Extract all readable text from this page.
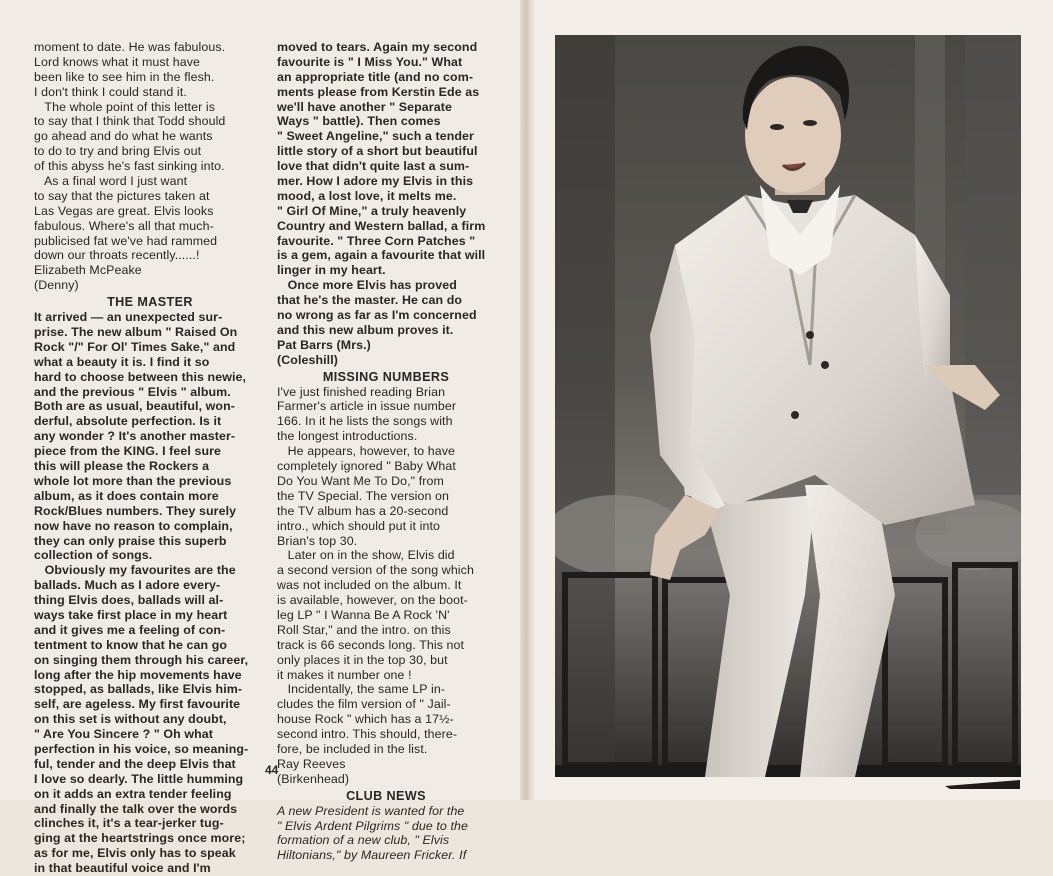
moment to date. He was fabulous.
Lord knows what it must have
been like to see him in the flesh.
I don't think I could stand it.
The whole point of this letter is
to say that I think that Todd should
go ahead and do what he wants
to do to try and bring Elvis out
of this abyss he's fast sinking into.
As a final word I just want
to say that the pictures taken at
Las Vegas are great. Elvis looks
fabulous. Where's all that much-
publicised fat we've had rammed
down our throats recently......!
Elizabeth McPeake
(Denny)
THE MASTER
It arrived — an unexpected sur-
prise. The new album " Raised On
Rock "/" For Ol' Times Sake," and
what a beauty it is. I find it so
hard to choose between this newie,
and the previous " Elvis " album.
Both are as usual, beautiful, won-
derful, absolute perfection. Is it
any wonder ? It's another master-
piece from the KING. I feel sure
this will please the Rockers a
whole lot more than the previous
album, as it does contain more
Rock/Blues numbers. They surely
now have no reason to complain,
they can only praise this superb
collection of songs.
Obviously my favourites are the
ballads. Much as I adore every-
thing Elvis does, ballads will al-
ways take first place in my heart
and it gives me a feeling of con-
tentment to know that he can go
on singing them through his career,
long after the hip movements have
stopped, as ballads, like Elvis him-
self, are ageless. My first favourite
on this set is without any doubt,
" Are You Sincere ? " Oh what
perfection in his voice, so meaning-
ful, tender and the deep Elvis that
I love so dearly. The little humming
on it adds an extra tender feeling
and finally the talk over the words
clinches it, it's a tear-jerker tug-
ging at the heartstrings once more;
as for me, Elvis only has to speak
in that beautiful voice and I'm
moved to tears. Again my second
favourite is " I Miss You." What
an appropriate title (and no com-
ments please from Kerstin Ede as
we'll have another " Separate
Ways " battle). Then comes
" Sweet Angeline," such a tender
little story of a short but beautiful
love that didn't quite last a sum-
mer. How I adore my Elvis in this
mood, a lost love, it melts me.
" Girl Of Mine," a truly heavenly
Country and Western ballad, a firm
favourite. " Three Corn Patches "
is a gem, again a favourite that will
linger in my heart.
Once more Elvis has proved
that he's the master. He can do
no wrong as far as I'm concerned
and this new album proves it.
Pat Barrs (Mrs.)
(Coleshill)
MISSING NUMBERS
I've just finished reading Brian
Farmer's article in issue number
166. In it he lists the songs with
the longest introductions.
He appears, however, to have
completely ignored " Baby What
Do You Want Me To Do," from
the TV Special. The version on
the TV album has a 20-second
intro., which should put it into
Brian's top 30.
Later on in the show, Elvis did
a second version of the song which
was not included on the album. It
is available, however, on the boot-
leg LP " I Wanna Be A Rock 'N'
Roll Star," and the intro. on this
track is 66 seconds long. This not
only places it in the top 30, but
it makes it number one !
Incidentally, the same LP in-
cludes the film version of " Jail-
house Rock " which has a 17½-
second intro. This should, there-
fore, be included in the list.
Ray Reeves
(Birkenhead)
CLUB NEWS
A new President is wanted for the
" Elvis Ardent Pilgrims " due to the
formation of a new club, " Elvis
Hiltonians," by Maureen Fricker. If
44
